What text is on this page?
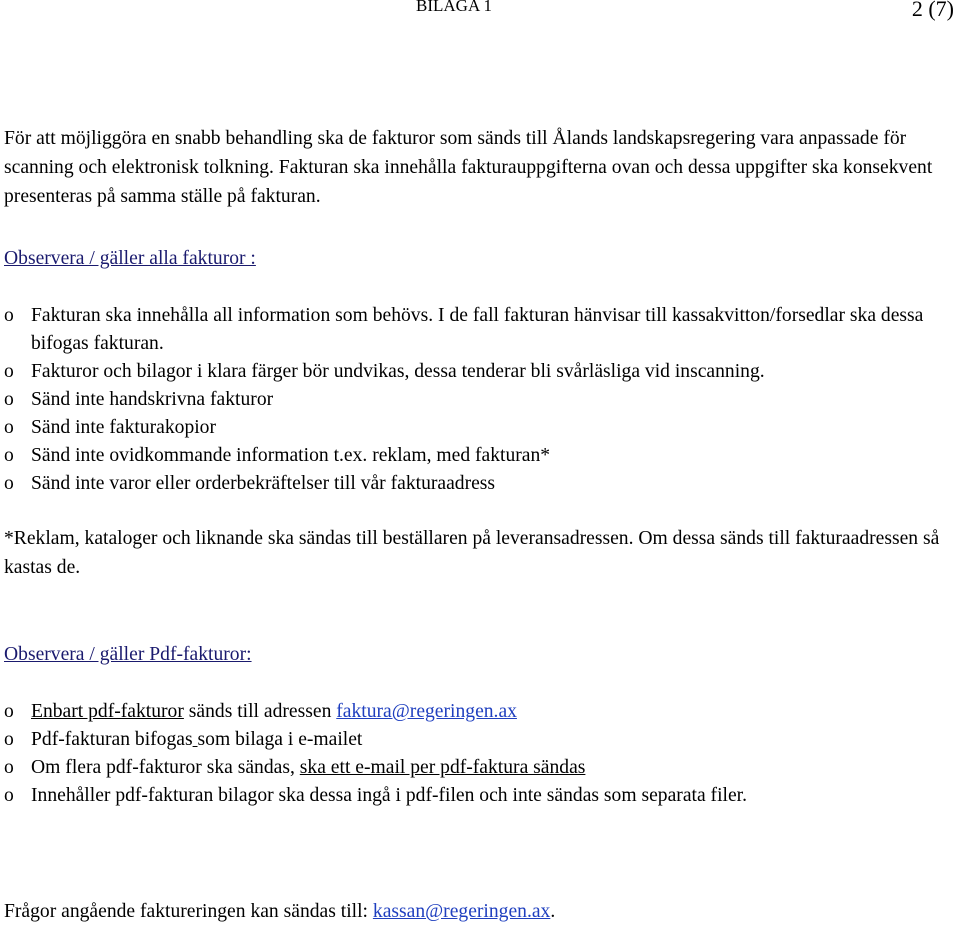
BILAGA 1	2 (7)
För att möjliggöra en snabb behandling ska de fakturor som sänds till Ålands landskapsregering vara anpassade för scanning och elektronisk tolkning. Fakturan ska innehålla fakturauppgifterna ovan och dessa uppgifter ska konsekvent presenteras på samma ställe på fakturan.
Observera / gäller alla fakturor :
o Fakturan ska innehålla all information som behövs. I de fall fakturan hänvisar till kassakvitton/forsedlar ska dessa bifogas fakturan.
o Fakturor och bilagor i klara färger bör undvikas, dessa tenderar bli svårläsliga vid inscanning.
o Sänd inte handskrivna fakturor
o Sänd inte fakturakopior
o Sänd inte ovidkommande information t.ex. reklam, med fakturan*
o Sänd inte varor eller orderbekräftelser till vår fakturaadress
*Reklam, kataloger och liknande ska sändas till beställaren på leveransadressen. Om dessa sänds till fakturaadressen så kastas de.
Observera / gäller Pdf-fakturor:
o Enbart pdf-fakturor sänds till adressen faktura@regeringen.ax
o Pdf-fakturan bifogas som bilaga i e-mailet
o Om flera pdf-fakturor ska sändas, ska ett e-mail per pdf-faktura sändas
o Innehåller pdf-fakturan bilagor ska dessa ingå i pdf-filen och inte sändas som separata filer.
Frågor angående faktureringen kan sändas till: kassan@regeringen.ax.
